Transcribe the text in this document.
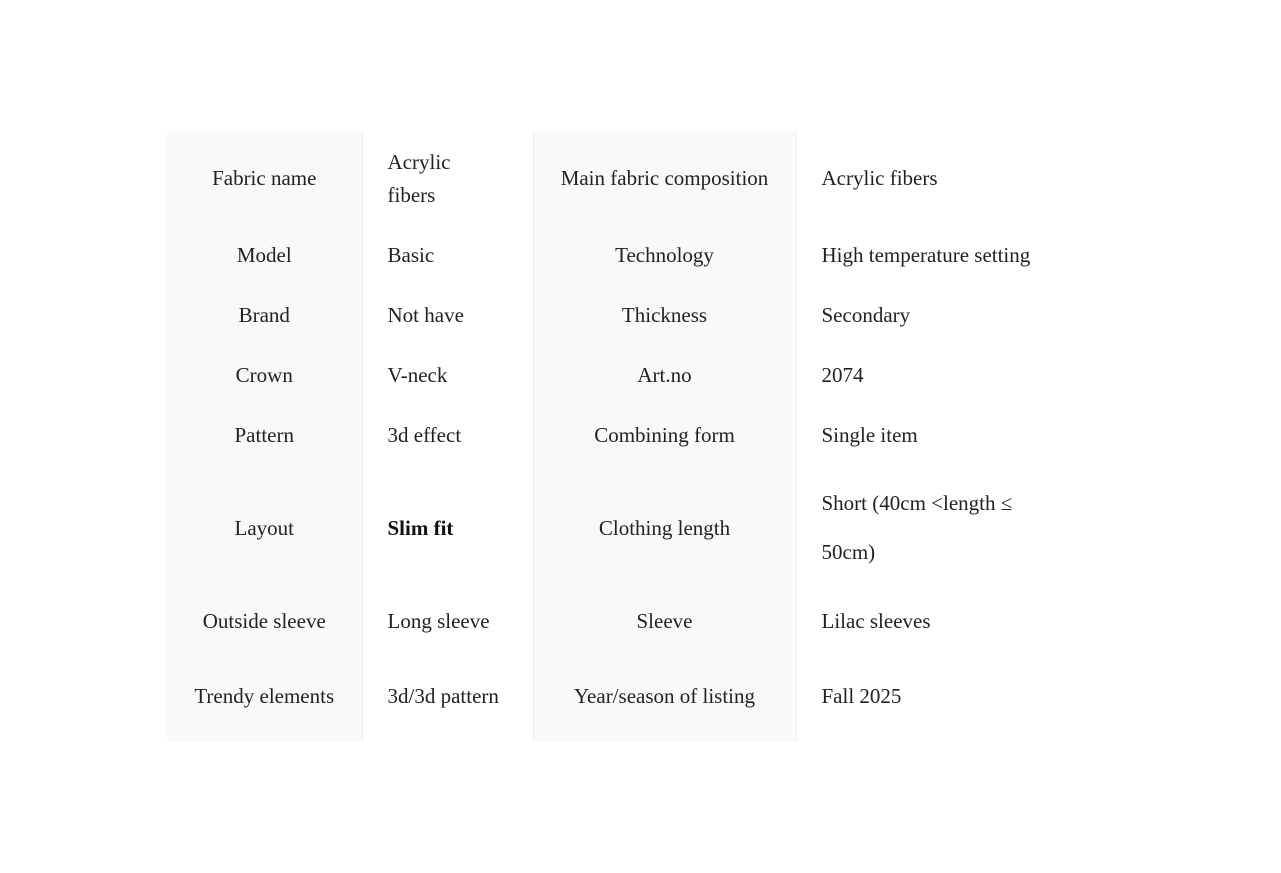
Fabric name	Acrylic fibers	Main fabric composition	Acrylic fibers
Model	Basic	Technology	High temperature setting
Brand	Not have	Thickness	Secondary
Crown	V-neck	Art.no	2074
Pattern	3d effect	Combining form	Single item
Layout	Slim fit	Clothing length	Short (40cm <length ≤ 50cm)
Outside sleeve	Long sleeve	Sleeve	Lilac sleeves
Trendy elements	3d/3d pattern	Year/season of listing	Fall 2025
